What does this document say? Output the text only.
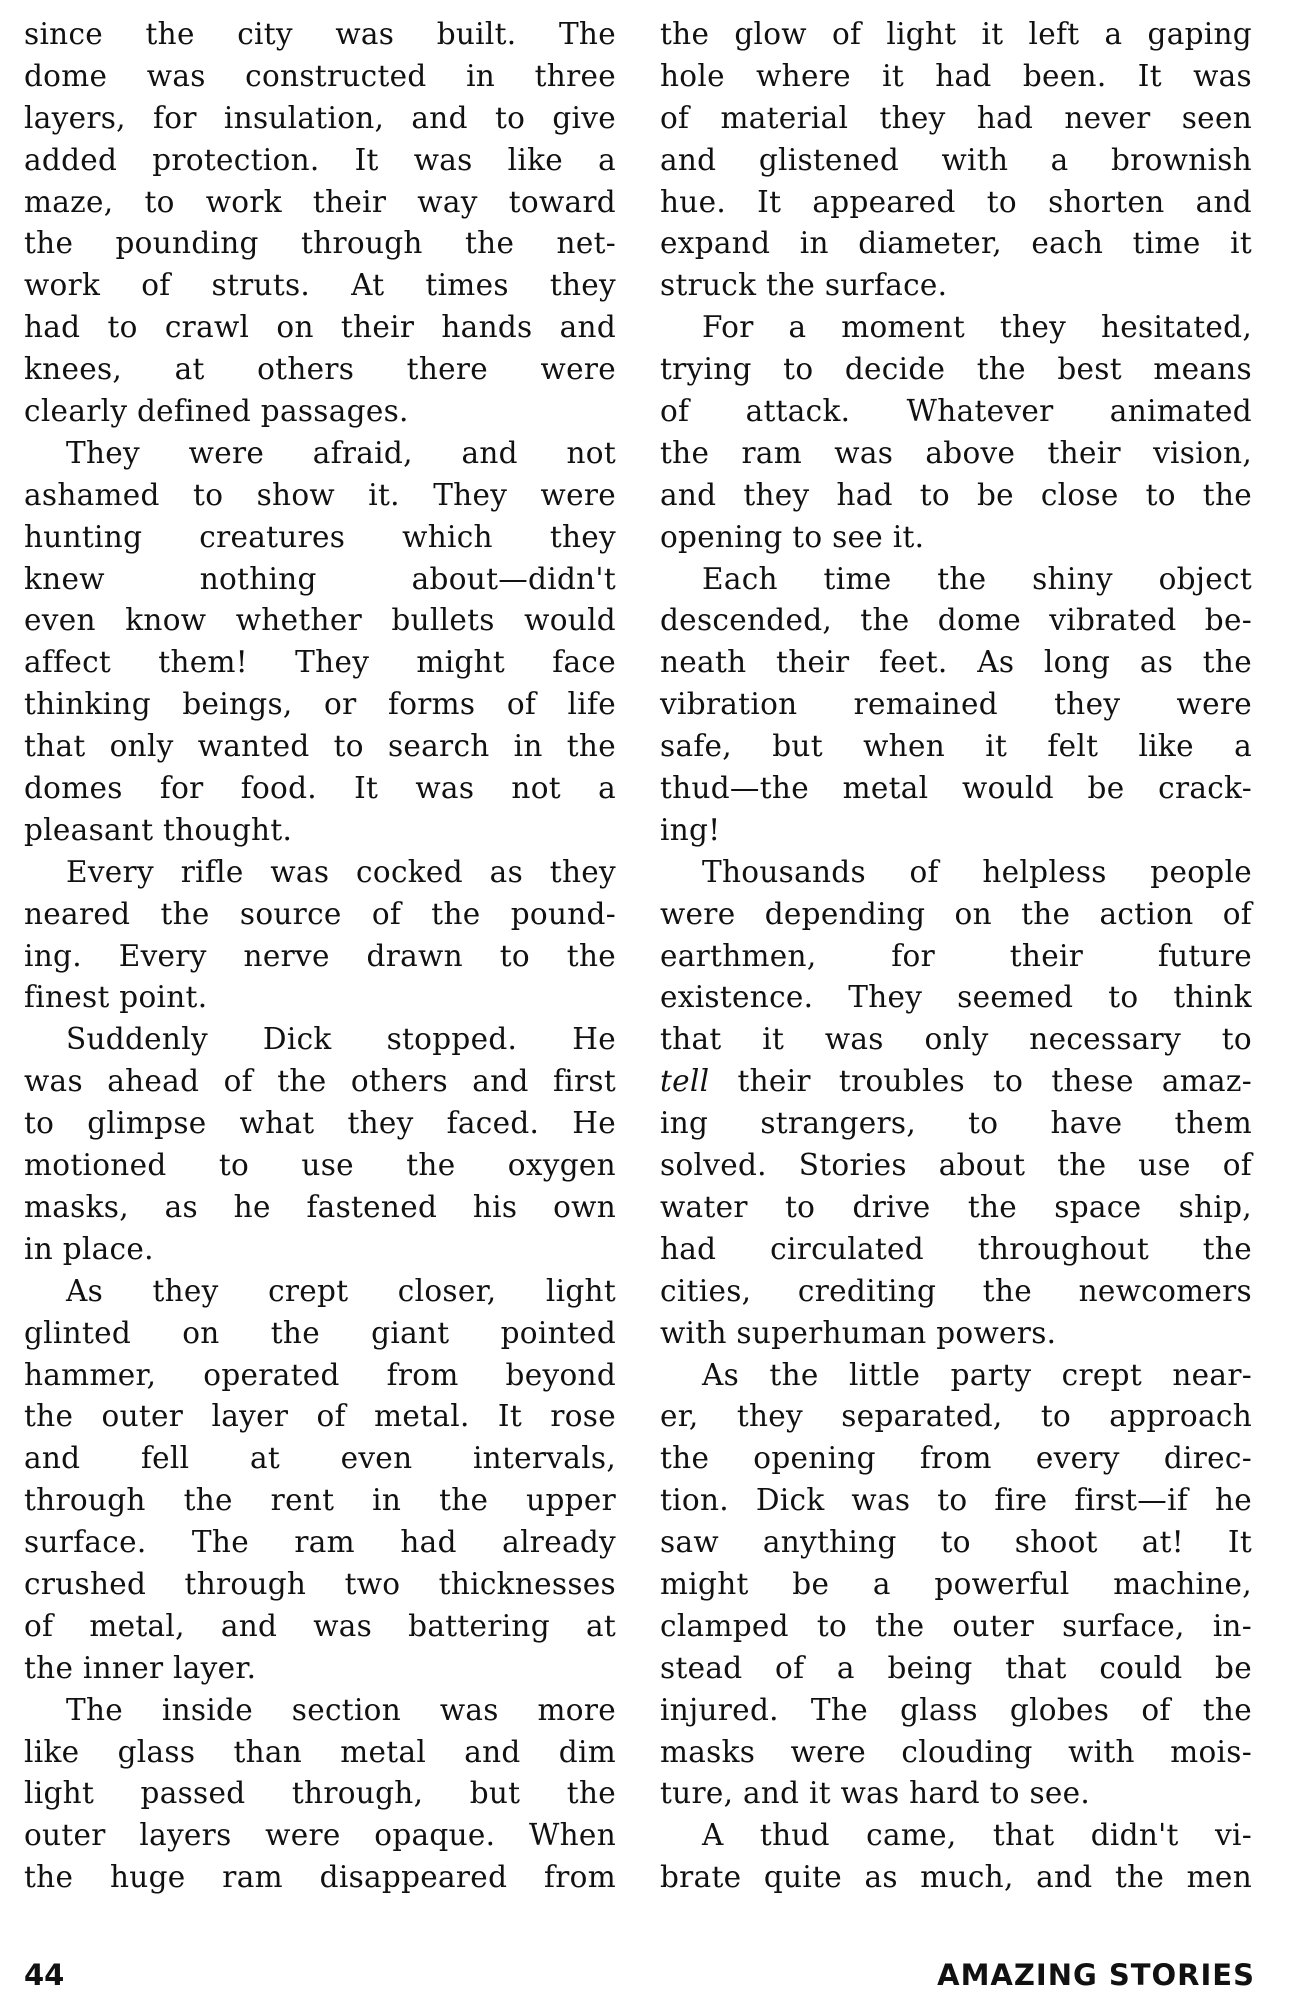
since the city was built. The
dome was constructed in three
layers, for insulation, and to give
added protection. It was like a
maze, to work their way toward
the pounding through the net-
work of struts. At times they
had to crawl on their hands and
knees, at others there were
clearly defined passages.
They were afraid, and not
ashamed to show it. They were
hunting creatures which they
knew nothing about—didn't
even know whether bullets would
affect them! They might face
thinking beings, or forms of life
that only wanted to search in the
domes for food. It was not a
pleasant thought.
Every rifle was cocked as they
neared the source of the pound-
ing. Every nerve drawn to the
finest point.
Suddenly Dick stopped. He
was ahead of the others and first
to glimpse what they faced. He
motioned to use the oxygen
masks, as he fastened his own
in place.
As they crept closer, light
glinted on the giant pointed
hammer, operated from beyond
the outer layer of metal. It rose
and fell at even intervals,
through the rent in the upper
surface. The ram had already
crushed through two thicknesses
of metal, and was battering at
the inner layer.
The inside section was more
like glass than metal and dim
light passed through, but the
outer layers were opaque. When
the huge ram disappeared from
the glow of light it left a gaping
hole where it had been. It was
of material they had never seen
and glistened with a brownish
hue. It appeared to shorten and
expand in diameter, each time it
struck the surface.
For a moment they hesitated,
trying to decide the best means
of attack. Whatever animated
the ram was above their vision,
and they had to be close to the
opening to see it.
Each time the shiny object
descended, the dome vibrated be-
neath their feet. As long as the
vibration remained they were
safe, but when it felt like a
thud—the metal would be crack-
ing!
Thousands of helpless people
were depending on the action of
earthmen, for their future
existence. They seemed to think
that it was only necessary to
tell their troubles to these amaz-
ing strangers, to have them
solved. Stories about the use of
water to drive the space ship,
had circulated throughout the
cities, crediting the newcomers
with superhuman powers.
As the little party crept near-
er, they separated, to approach
the opening from every direc-
tion. Dick was to fire first—if he
saw anything to shoot at! It
might be a powerful machine,
clamped to the outer surface, in-
stead of a being that could be
injured. The glass globes of the
masks were clouding with mois-
ture, and it was hard to see.
A thud came, that didn't vi-
brate quite as much, and the men
44	AMAZING STORIES
